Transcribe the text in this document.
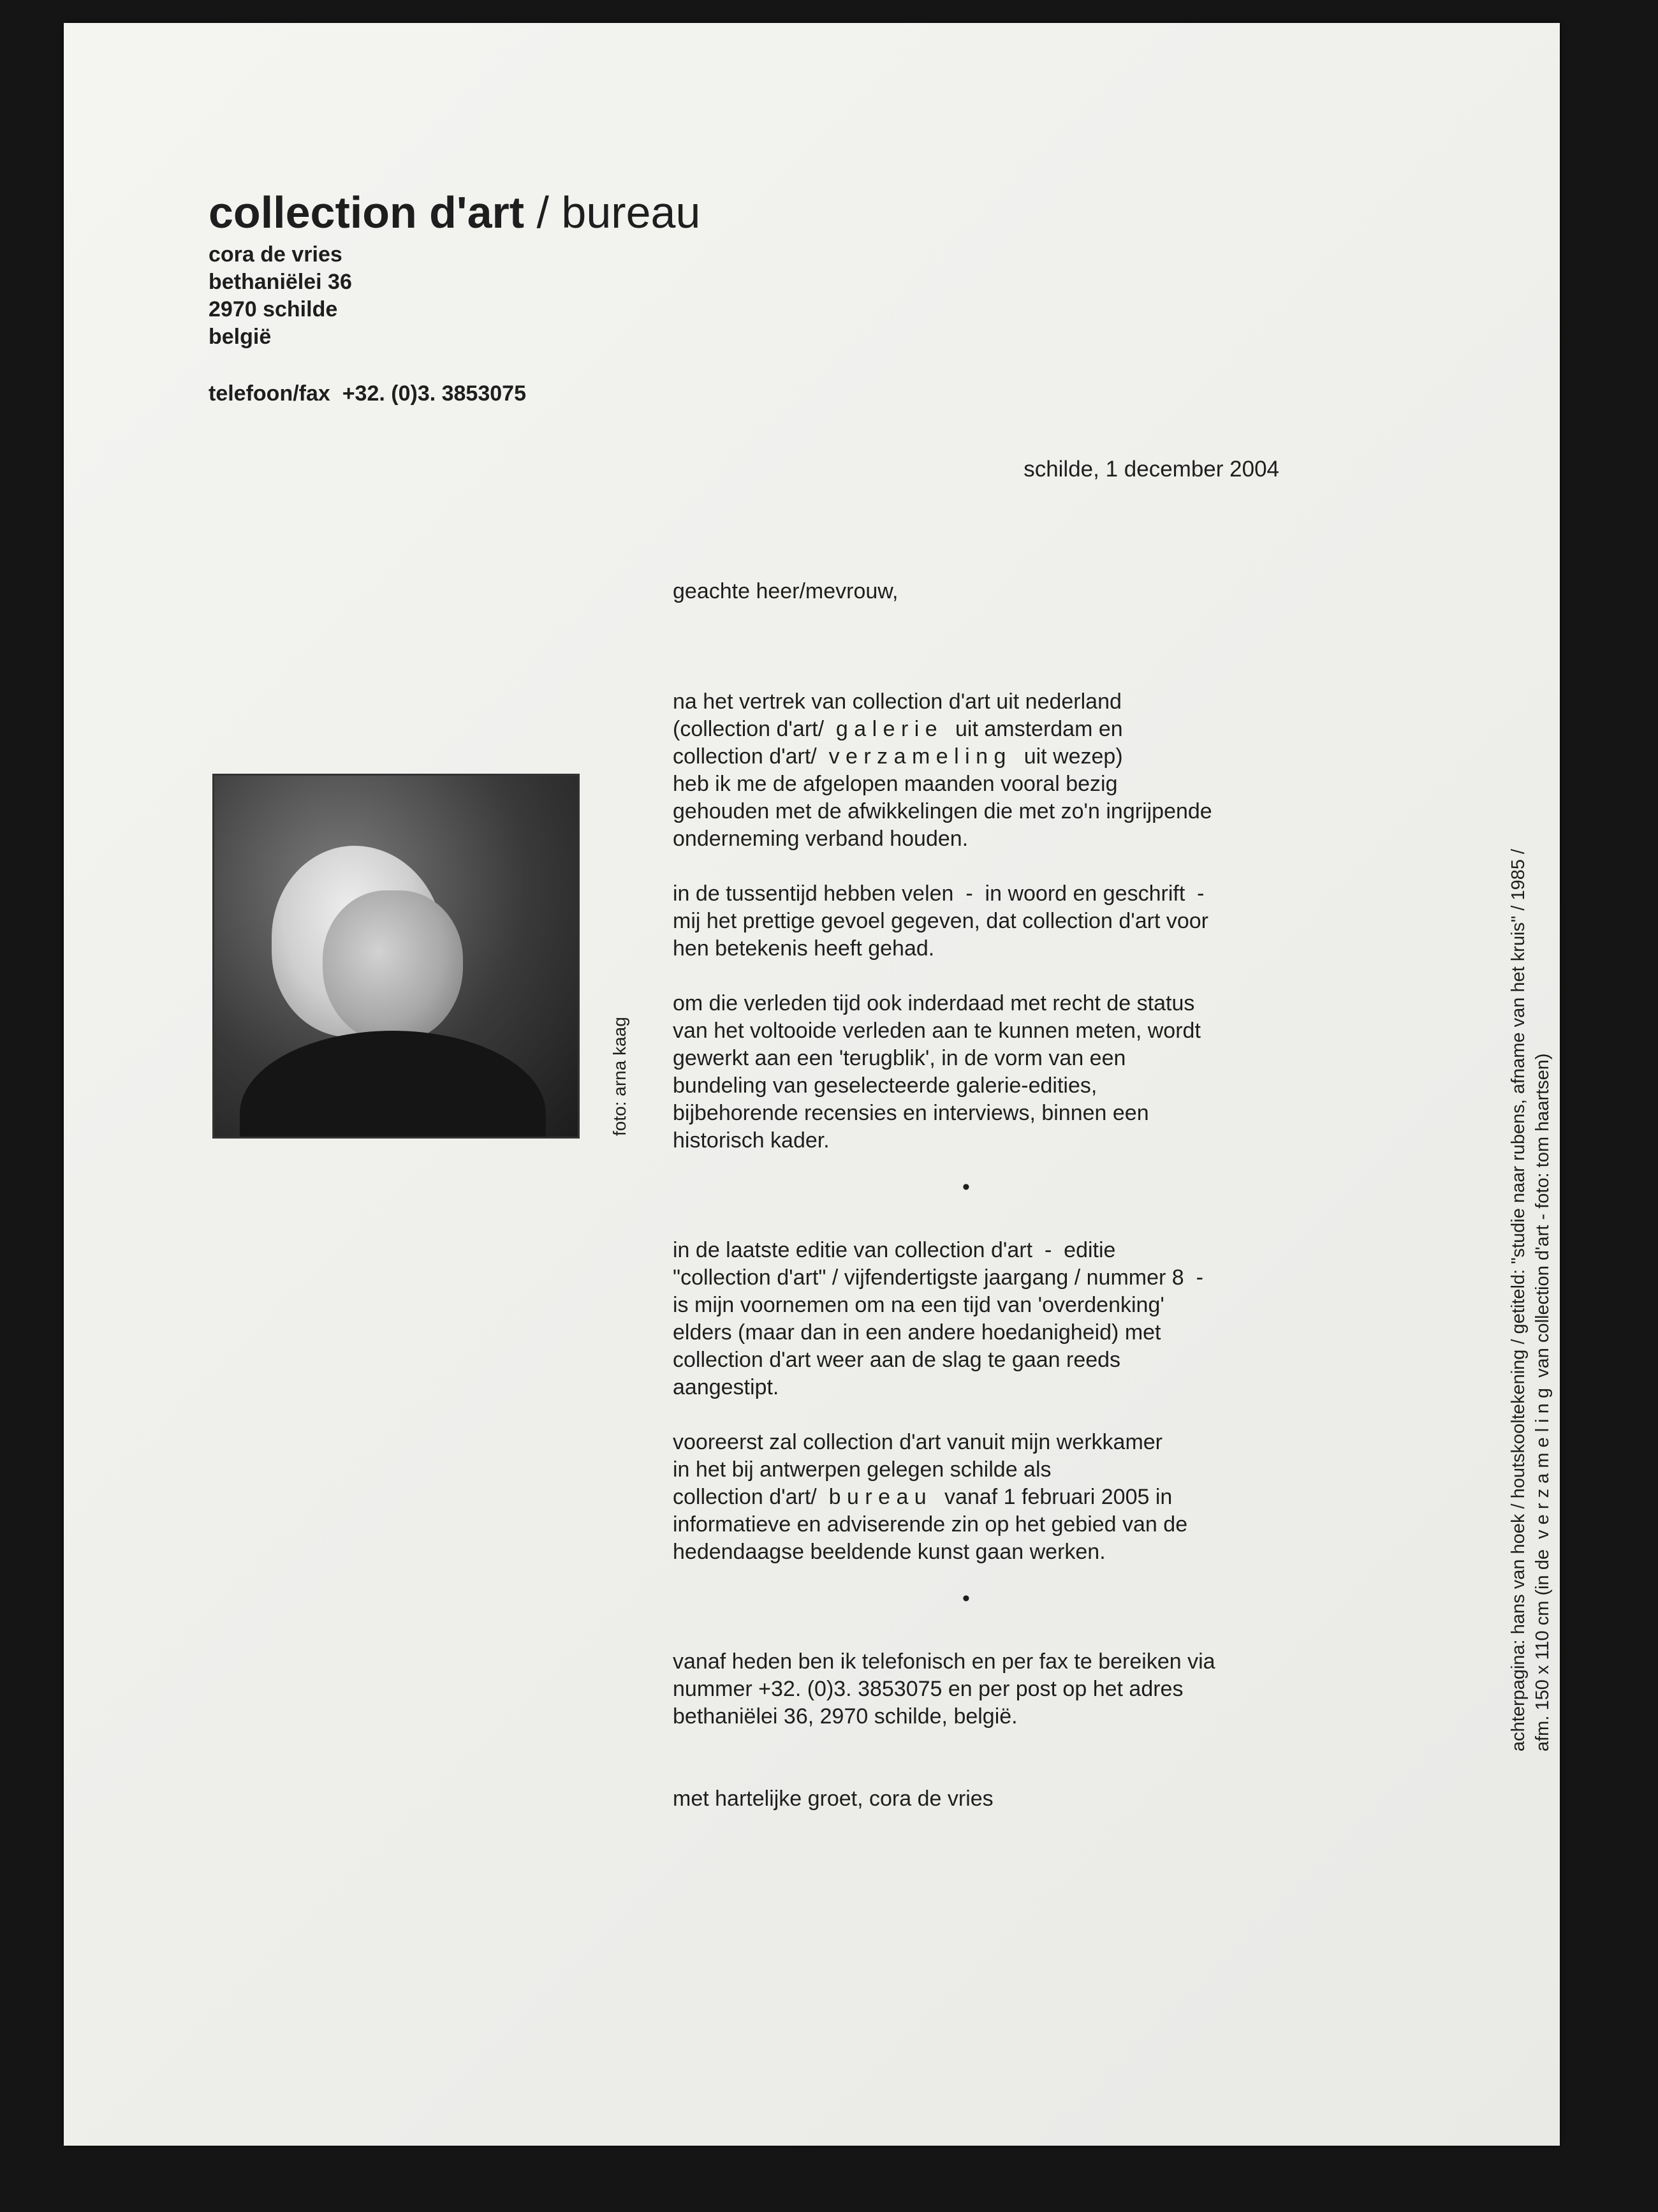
collection d'art / bureau
cora de vries
bethaniëlei 36
2970 schilde
belgië
telefoon/fax  +32. (0)3. 3853075
schilde, 1 december 2004
foto: arna kaag

geachte heer/mevrouw,

na het vertrek van collection d'art uit nederland

(collection d'art/  g a l e r i e   uit amsterdam en

collection d'art/  v e r z a m e l i n g   uit wezep)

heb ik me de afgelopen maanden vooral bezig

gehouden met de afwikkelingen die met zo'n ingrijpende

onderneming verband houden.

in de tussentijd hebben velen  -  in woord en geschrift  -

mij het prettige gevoel gegeven, dat collection d'art voor

hen betekenis heeft gehad.

om die verleden tijd ook inderdaad met recht de status

van het voltooide verleden aan te kunnen meten, wordt

gewerkt aan een 'terugblik', in de vorm van een

bundeling van geselecteerde galerie-edities,

bijbehorende recensies en interviews, binnen een

historisch kader.

•

in de laatste editie van collection d'art  -  editie

"collection d'art" / vijfendertigste jaargang / nummer 8  -

is mijn voornemen om na een tijd van 'overdenking'

elders (maar dan in een andere hoedanigheid) met

collection d'art weer aan de slag te gaan reeds

aangestipt.

vooreerst zal collection d'art vanuit mijn werkkamer

in het bij antwerpen gelegen schilde als

collection d'art/  b u r e a u   vanaf 1 februari 2005 in

informatieve en adviserende zin op het gebied van de

hedendaagse beeldende kunst gaan werken.

•

vanaf heden ben ik telefonisch en per fax te bereiken via

nummer +32. (0)3. 3853075 en per post op het adres

bethaniëlei 36, 2970 schilde, belgië.

met hartelijke groet, cora de vries

achterpagina: hans van hoek / houtskooltekening / getiteld: "studie naar rubens, afname van het kruis" / 1985 / afm. 150 x 110 cm (in de  v e r z a m e l i n g  van collection d'art - foto: tom haartsen)
